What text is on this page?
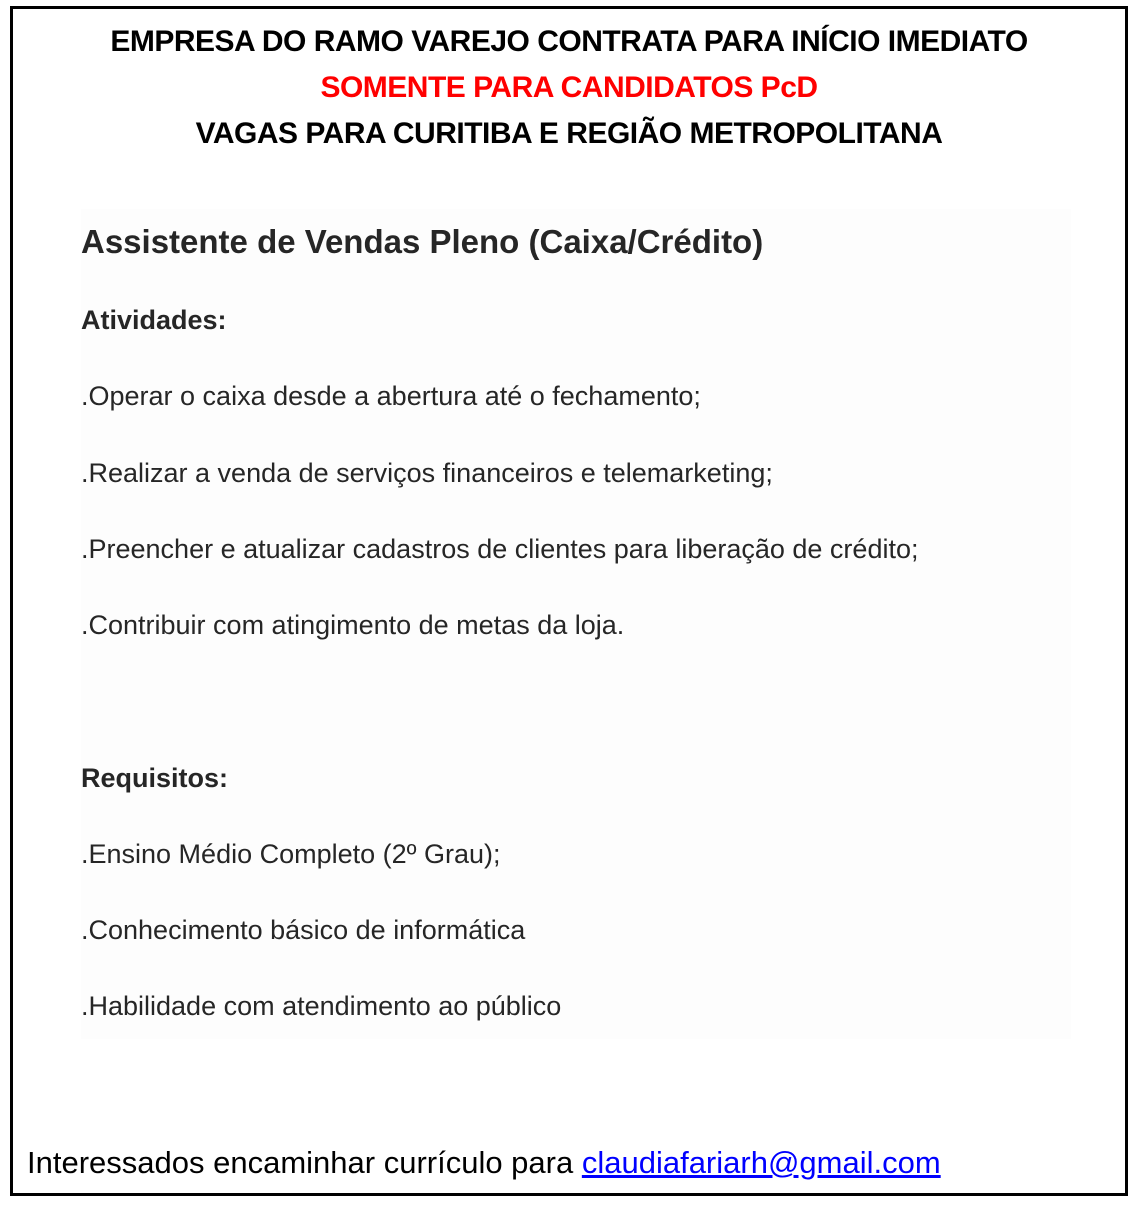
EMPRESA DO RAMO VAREJO CONTRATA PARA INÍCIO IMEDIATO
SOMENTE PARA CANDIDATOS PcD
VAGAS PARA CURITIBA E REGIÃO METROPOLITANA
Assistente de Vendas Pleno (Caixa/Crédito)
Atividades:
.Operar o caixa desde a abertura até o fechamento;
.Realizar a venda de serviços financeiros e telemarketing;
.Preencher e atualizar cadastros de clientes para liberação de crédito;
.Contribuir com atingimento de metas da loja.
Requisitos:
.Ensino Médio Completo (2º Grau);
.Conhecimento básico de informática
.Habilidade com atendimento ao público
Interessados encaminhar currículo para claudiafariarh@gmail.com
